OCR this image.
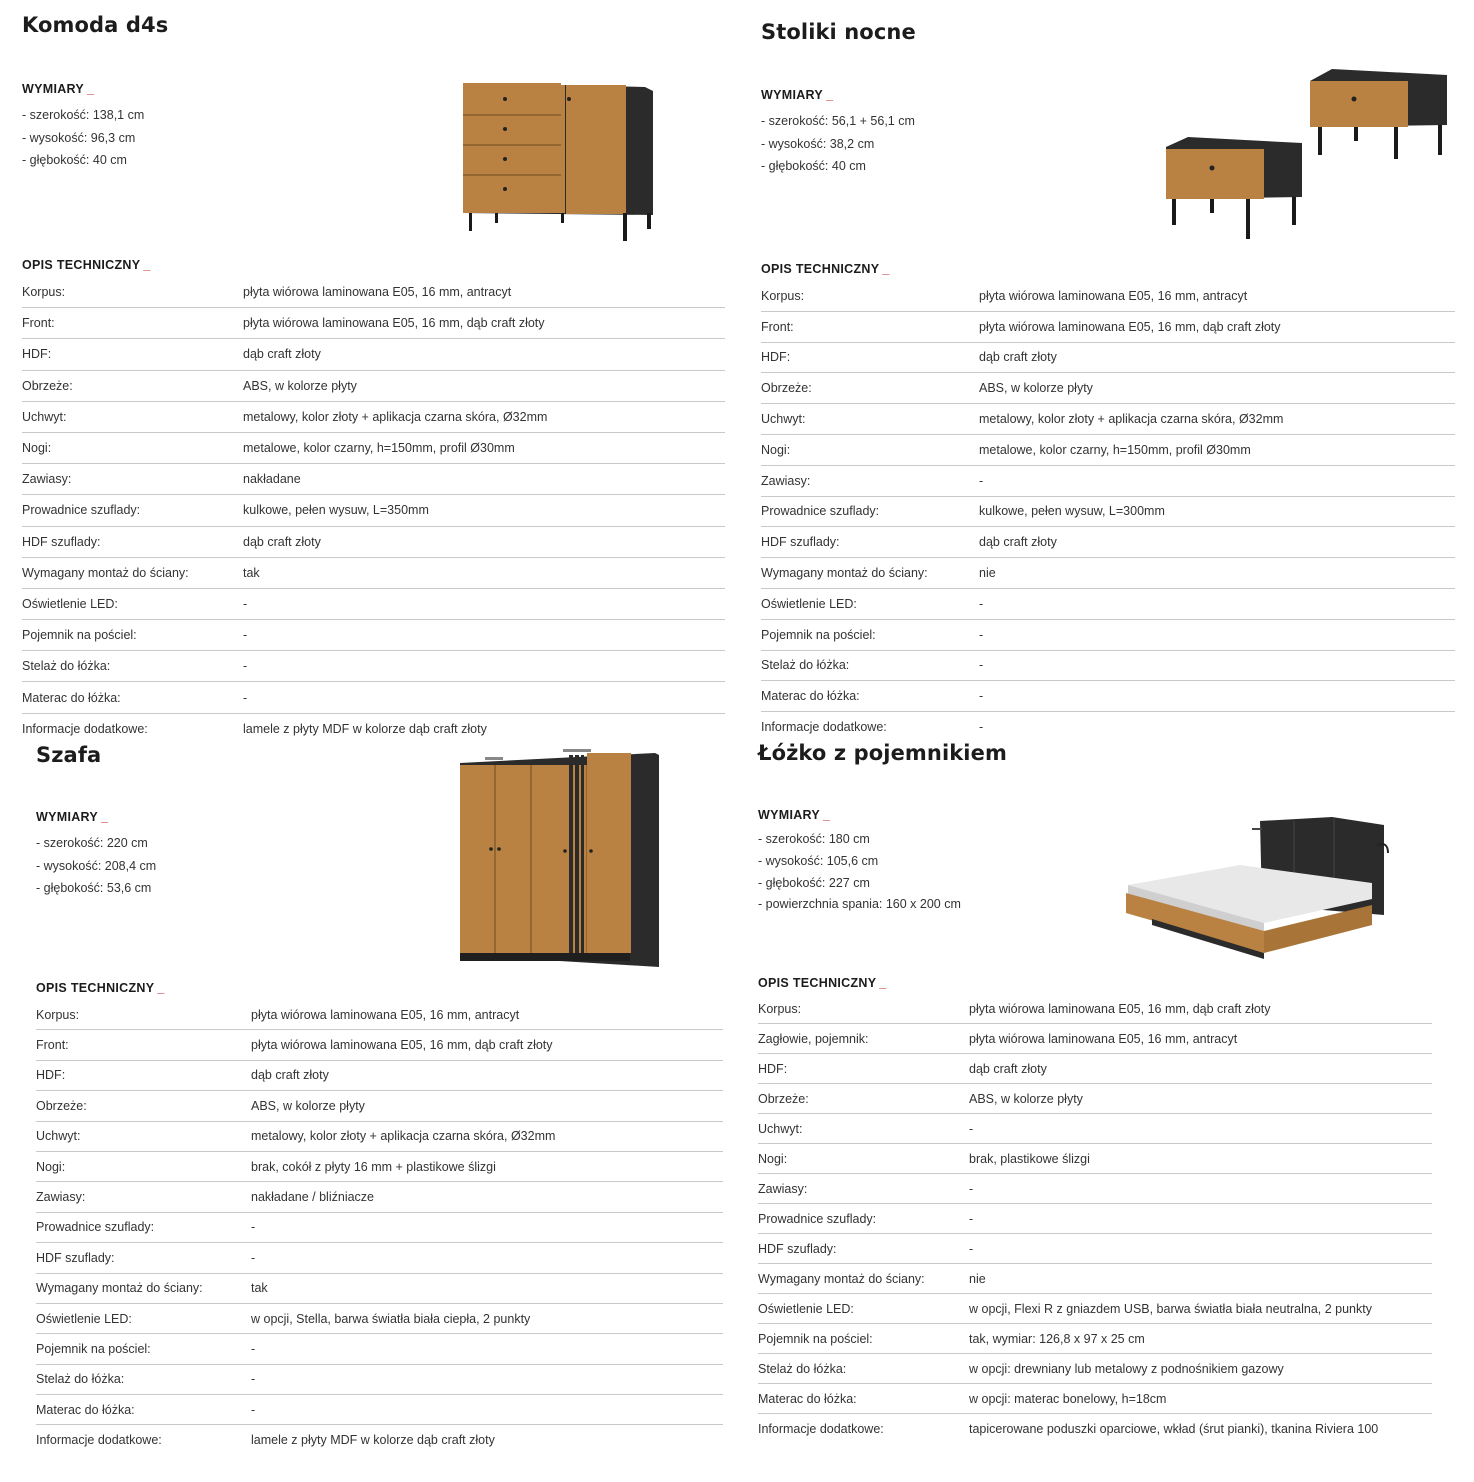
Komoda d4s
WYMIARY _
- szerokość: 138,1 cm
- wysokość: 96,3 cm
- głębokość: 40 cm
OPIS TECHNICZNY _
Korpus:	płyta wiórowa laminowana E05, 16 mm, antracyt
Front:	płyta wiórowa laminowana E05, 16 mm, dąb craft złoty
HDF:	dąb craft złoty
Obrzeże:	ABS, w kolorze płyty
Uchwyt:	metalowy, kolor złoty + aplikacja czarna skóra, Ø32mm
Nogi:	metalowe, kolor czarny, h=150mm, profil Ø30mm
Zawiasy:	nakładane
Prowadnice szuflady:	kulkowe, pełen wysuw, L=350mm
HDF szuflady:	dąb craft złoty
Wymagany montaż do ściany:	tak
Oświetlenie LED:	-
Pojemnik na pościel:	-
Stelaż do łóżka:	-
Materac do łóżka:	-
Informacje dodatkowe:	lamele z płyty MDF w kolorze dąb craft złoty
Stoliki nocne
WYMIARY _
- szerokość: 56,1 + 56,1 cm
- wysokość: 38,2 cm
- głębokość: 40 cm
OPIS TECHNICZNY _
Korpus:	płyta wiórowa laminowana E05, 16 mm, antracyt
Front:	płyta wiórowa laminowana E05, 16 mm, dąb craft złoty
HDF:	dąb craft złoty
Obrzeże:	ABS, w kolorze płyty
Uchwyt:	metalowy, kolor złoty + aplikacja czarna skóra, Ø32mm
Nogi:	metalowe, kolor czarny, h=150mm, profil Ø30mm
Zawiasy:	-
Prowadnice szuflady:	kulkowe, pełen wysuw, L=300mm
HDF szuflady:	dąb craft złoty
Wymagany montaż do ściany:	nie
Oświetlenie LED:	-
Pojemnik na pościel:	-
Stelaż do łóżka:	-
Materac do łóżka:	-
Informacje dodatkowe:	-
Szafa
WYMIARY _
- szerokość: 220 cm
- wysokość: 208,4 cm
- głębokość: 53,6 cm
OPIS TECHNICZNY _
Korpus:	płyta wiórowa laminowana E05, 16 mm, antracyt
Front:	płyta wiórowa laminowana E05, 16 mm, dąb craft złoty
HDF:	dąb craft złoty
Obrzeże:	ABS, w kolorze płyty
Uchwyt:	metalowy, kolor złoty + aplikacja czarna skóra, Ø32mm
Nogi:	brak, cokół z płyty 16 mm + plastikowe ślizgi
Zawiasy:	nakładane / bliźniacze
Prowadnice szuflady:	-
HDF szuflady:	-
Wymagany montaż do ściany:	tak
Oświetlenie LED:	w opcji, Stella, barwa światła biała ciepła, 2 punkty
Pojemnik na pościel:	-
Stelaż do łóżka:	-
Materac do łóżka:	-
Informacje dodatkowe:	lamele z płyty MDF w kolorze dąb craft złoty
Łóżko z pojemnikiem
WYMIARY _
- szerokość: 180 cm
- wysokość: 105,6 cm
- głębokość: 227 cm
- powierzchnia spania: 160 x 200 cm
OPIS TECHNICZNY _
Korpus:	płyta wiórowa laminowana E05, 16 mm, dąb craft złoty
Zagłowie, pojemnik:	płyta wiórowa laminowana E05, 16 mm, antracyt
HDF:	dąb craft złoty
Obrzeże:	ABS, w kolorze płyty
Uchwyt:	-
Nogi:	brak, plastikowe ślizgi
Zawiasy:	-
Prowadnice szuflady:	-
HDF szuflady:	-
Wymagany montaż do ściany:	nie
Oświetlenie LED:	w opcji, Flexi R z gniazdem USB, barwa światła biała neutralna, 2 punkty
Pojemnik na pościel:	tak, wymiar: 126,8 x 97 x 25 cm
Stelaż do łóżka:	w opcji: drewniany lub metalowy z podnośnikiem gazowy
Materac do łóżka:	w opcji: materac bonelowy, h=18cm
Informacje dodatkowe:	tapicerowane poduszki oparciowe, wkład (śrut pianki), tkanina Riviera 100
